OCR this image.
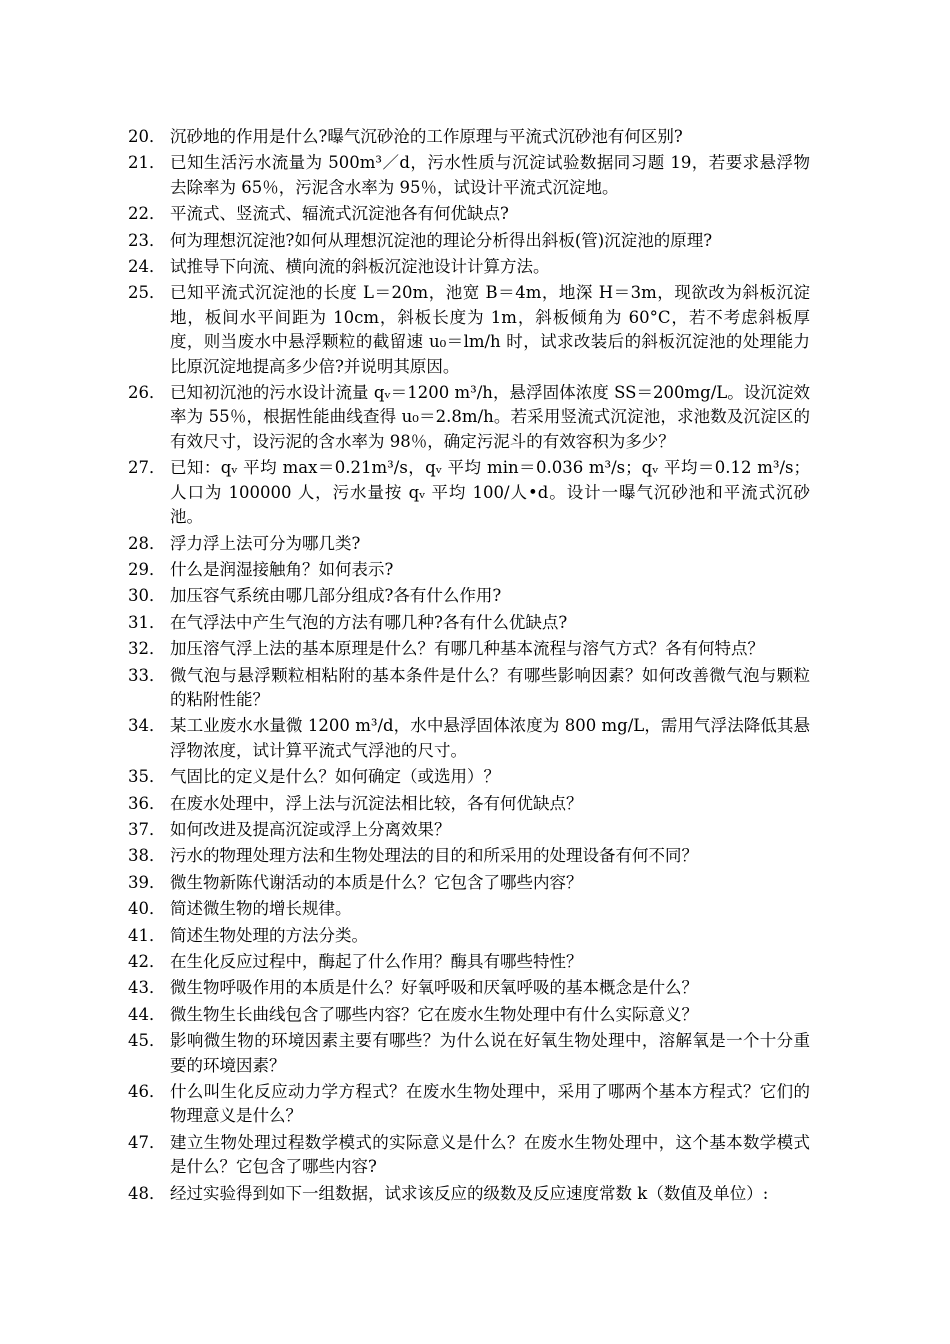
20． 沉砂地的作用是什么?曝气沉砂沧的工作原理与平流式沉砂池有何区别?
21． 已知生活污水流量为 500m³／d，污水性质与沉淀试验数据同习题 19，若要求悬浮物去除率为 65％，污泥含水率为 95％，试设计平流式沉淀地。
22． 平流式、竖流式、辐流式沉淀池各有何优缺点?
23． 何为理想沉淀池?如何从理想沉淀池的理论分析得出斜板(管)沉淀池的原理?
24． 试推导下向流、横向流的斜板沉淀池设计计算方法。
25． 已知平流式沉淀池的长度 L＝20m，池宽 B＝4m，地深 H＝3m，现欲改为斜板沉淀地，板间水平间距为 10cm，斜板长度为 1m，斜板倾角为 60°C，若不考虑斜板厚度，则当废水中悬浮颗粒的截留速 u₀＝lm/h 时，试求改装后的斜板沉淀池的处理能力比原沉淀地提高多少倍?并说明其原因。
26． 已知初沉池的污水设计流量 qᵥ＝1200 m³/h，悬浮固体浓度 SS＝200mg/L。设沉淀效率为 55％，根据性能曲线查得 u₀＝2.8m/h。若采用竖流式沉淀池，求池数及沉淀区的有效尺寸，设污泥的含水率为 98％，确定污泥斗的有效容积为多少？
27． 已知：qᵥ 平均 max＝0.21m³/s，qᵥ 平均 min＝0.036 m³/s；qᵥ 平均＝0.12 m³/s；人口为 100000 人，污水量按 qᵥ 平均 100/人•d。设计一曝气沉砂池和平流式沉砂池。
28． 浮力浮上法可分为哪几类?
29． 什么是润湿接触角？如何表示?
30． 加压容气系统由哪几部分组成?各有什么作用?
31． 在气浮法中产生气泡的方法有哪几种?各有什么优缺点?
32． 加压溶气浮上法的基本原理是什么？有哪几种基本流程与溶气方式？各有何特点？
33． 微气泡与悬浮颗粒相粘附的基本条件是什么？有哪些影响因素？如何改善微气泡与颗粒的粘附性能？
34． 某工业废水水量微 1200 m³/d，水中悬浮固体浓度为 800 mg/L，需用气浮法降低其悬浮物浓度，试计算平流式气浮池的尺寸。
35． 气固比的定义是什么？如何确定（或选用）？
36． 在废水处理中，浮上法与沉淀法相比较，各有何优缺点？
37． 如何改进及提高沉淀或浮上分离效果？
38． 污水的物理处理方法和生物处理法的目的和所采用的处理设备有何不同？
39． 微生物新陈代谢活动的本质是什么？它包含了哪些内容？
40． 简述微生物的增长规律。
41． 简述生物处理的方法分类。
42． 在生化反应过程中，酶起了什么作用？酶具有哪些特性？
43． 微生物呼吸作用的本质是什么？好氧呼吸和厌氧呼吸的基本概念是什么？
44． 微生物生长曲线包含了哪些内容？它在废水生物处理中有什么实际意义？
45． 影响微生物的环境因素主要有哪些？为什么说在好氧生物处理中，溶解氧是一个十分重要的环境因素？
46． 什么叫生化反应动力学方程式？在废水生物处理中，采用了哪两个基本方程式？它们的物理意义是什么？
47． 建立生物处理过程数学模式的实际意义是什么？在废水生物处理中，这个基本数学模式是什么？它包含了哪些内容?
48． 经过实验得到如下一组数据，试求该反应的级数及反应速度常数 k（数值及单位）:
